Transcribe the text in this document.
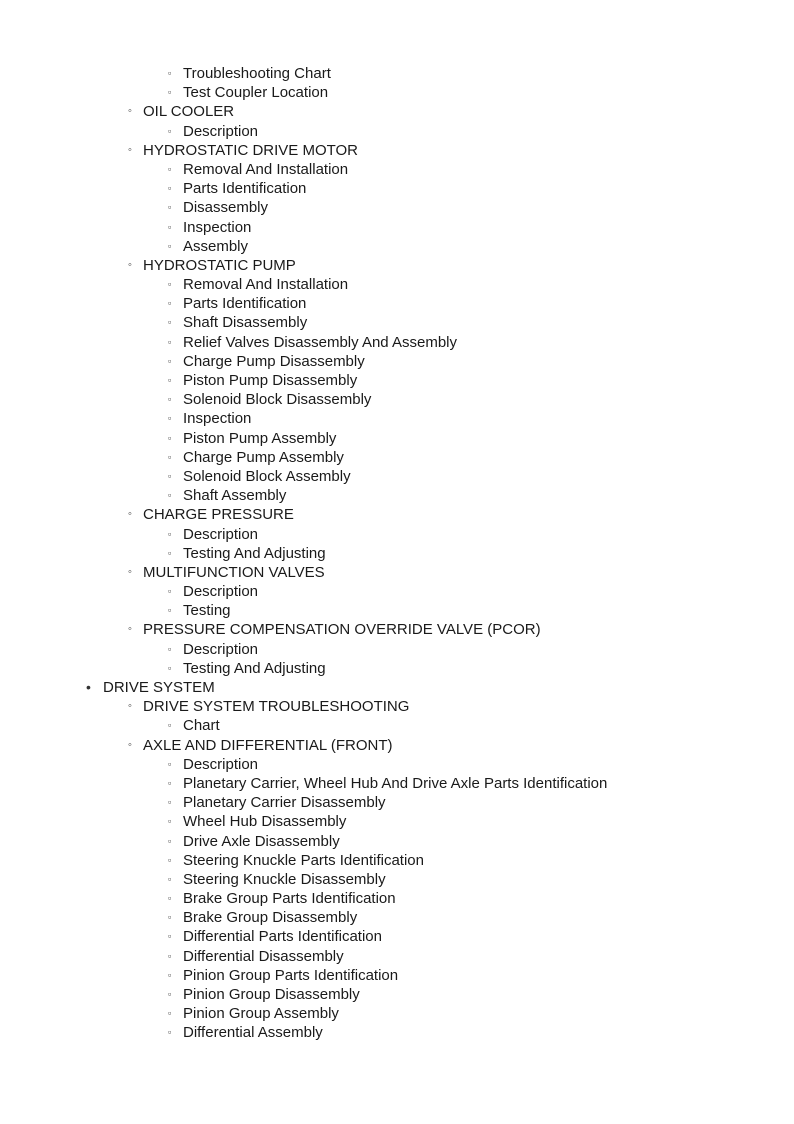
▫ Troubleshooting Chart
▫ Test Coupler Location
◦ OIL COOLER
▫ Description
◦ HYDROSTATIC DRIVE MOTOR
▫ Removal And Installation
▫ Parts Identification
▫ Disassembly
▫ Inspection
▫ Assembly
◦ HYDROSTATIC PUMP
▫ Removal And Installation
▫ Parts Identification
▫ Shaft Disassembly
▫ Relief Valves Disassembly And Assembly
▫ Charge Pump Disassembly
▫ Piston Pump Disassembly
▫ Solenoid Block Disassembly
▫ Inspection
▫ Piston Pump Assembly
▫ Charge Pump Assembly
▫ Solenoid Block Assembly
▫ Shaft Assembly
◦ CHARGE PRESSURE
▫ Description
▫ Testing And Adjusting
◦ MULTIFUNCTION VALVES
▫ Description
▫ Testing
◦ PRESSURE COMPENSATION OVERRIDE VALVE (PCOR)
▫ Description
▫ Testing And Adjusting
• DRIVE SYSTEM
◦ DRIVE SYSTEM TROUBLESHOOTING
▫ Chart
◦ AXLE AND DIFFERENTIAL (FRONT)
▫ Description
▫ Planetary Carrier, Wheel Hub And Drive Axle Parts Identification
▫ Planetary Carrier Disassembly
▫ Wheel Hub Disassembly
▫ Drive Axle Disassembly
▫ Steering Knuckle Parts Identification
▫ Steering Knuckle Disassembly
▫ Brake Group Parts Identification
▫ Brake Group Disassembly
▫ Differential Parts Identification
▫ Differential Disassembly
▫ Pinion Group Parts Identification
▫ Pinion Group Disassembly
▫ Pinion Group Assembly
▫ Differential Assembly
